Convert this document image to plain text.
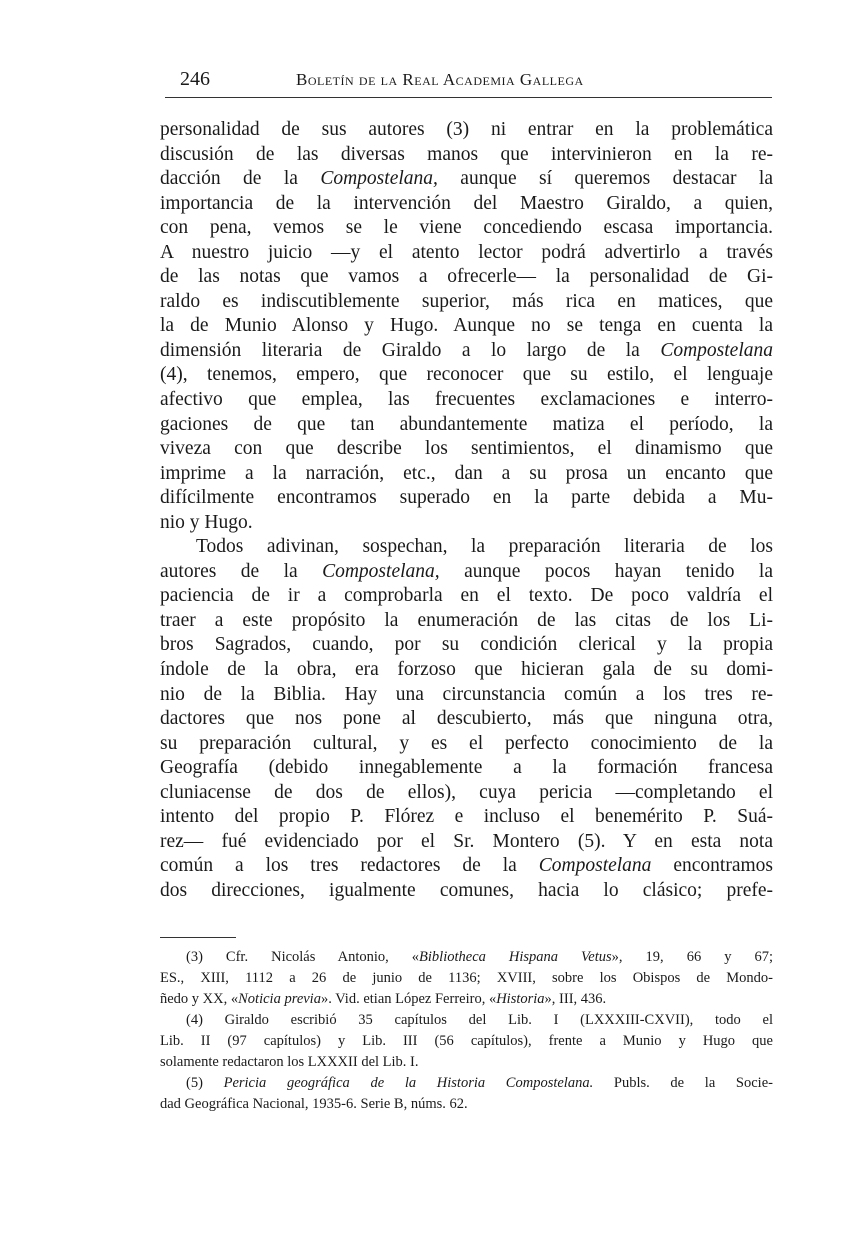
246	Boletín de la Real Academia Gallega
personalidad de sus autores (3) ni entrar en la problemática
discusión de las diversas manos que intervinieron en la re-
dacción de la Compostelana, aunque sí queremos destacar la
importancia de la intervención del Maestro Giraldo, a quien,
con pena, vemos se le viene concediendo escasa importancia.
A nuestro juicio —y el atento lector podrá advertirlo a través
de las notas que vamos a ofrecerle— la personalidad de Gi-
raldo es indiscutiblemente superior, más rica en matices, que
la de Munio Alonso y Hugo. Aunque no se tenga en cuenta la
dimensión literaria de Giraldo a lo largo de la Compostelana
(4), tenemos, empero, que reconocer que su estilo, el lenguaje
afectivo que emplea, las frecuentes exclamaciones e interro-
gaciones de que tan abundantemente matiza el período, la
viveza con que describe los sentimientos, el dinamismo que
imprime a la narración, etc., dan a su prosa un encanto que
difícilmente encontramos superado en la parte debida a Mu-
nio y Hugo.
Todos adivinan, sospechan, la preparación literaria de los
autores de la Compostelana, aunque pocos hayan tenido la
paciencia de ir a comprobarla en el texto. De poco valdría el
traer a este propósito la enumeración de las citas de los Li-
bros Sagrados, cuando, por su condición clerical y la propia
índole de la obra, era forzoso que hicieran gala de su domi-
nio de la Biblia. Hay una circunstancia común a los tres re-
dactores que nos pone al descubierto, más que ninguna otra,
su preparación cultural, y es el perfecto conocimiento de la
Geografía (debido innegablemente a la formación francesa
cluniacense de dos de ellos), cuya pericia —completando el
intento del propio P. Flórez e incluso el benemérito P. Suá-
rez— fué evidenciado por el Sr. Montero (5). Y en esta nota
común a los tres redactores de la Compostelana encontramos
dos direcciones, igualmente comunes, hacia lo clásico; prefe-
(3) Cfr. Nicolás Antonio, «Bibliotheca Hispana Vetus», 19, 66 y 67;
ES., XIII, 1112 a 26 de junio de 1136; XVIII, sobre los Obispos de Mondo-
ñedo y XX, «Noticia previa». Vid. etian López Ferreiro, «Historia», III, 436.
(4) Giraldo escribió 35 capítulos del Lib. I (LXXXIII-CXVII), todo el
Lib. II (97 capítulos) y Lib. III (56 capítulos), frente a Munio y Hugo que
solamente redactaron los LXXXII del Lib. I.
(5) Pericia geográfica de la Historia Compostelana. Publs. de la Socie-
dad Geográfica Nacional, 1935-6. Serie B, núms. 62.
